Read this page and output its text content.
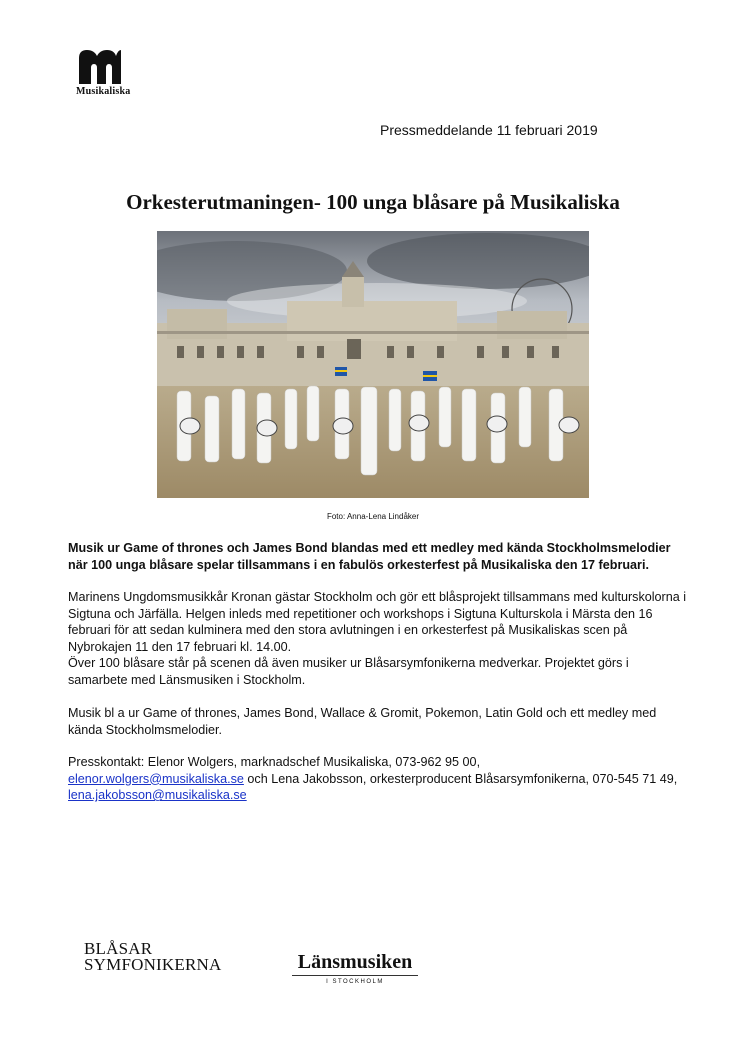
Musikaliska
Pressmeddelande 11 februari 2019
Orkesterutmaningen- 100 unga blåsare på Musikaliska
Foto: Anna-Lena Lindåker
Musik ur Game of thrones och James Bond blandas med ett medley med kända Stockholmsmelodier när 100 unga blåsare spelar tillsammans i en fabulös orkesterfest på Musikaliska den 17 februari.
Marinens Ungdomsmusikkår Kronan gästar Stockholm och gör ett blåsprojekt tillsammans med kulturskolorna i Sigtuna och Järfälla. Helgen inleds med repetitioner och workshops i Sigtuna Kulturskola i Märsta den 16 februari för att sedan kulminera med den stora avlutningen i en orkesterfest på Musikaliskas scen på Nybrokajen 11 den 17 februari kl. 14.00.
Över 100 blåsare står på scenen då även musiker ur Blåsarsymfonikerna medverkar. Projektet görs i samarbete med Länsmusiken i Stockholm.
Musik bl a ur Game of thrones, James Bond, Wallace & Gromit, Pokemon, Latin Gold och ett medley med kända Stockholmsmelodier.
Presskontakt: Elenor Wolgers, marknadschef Musikaliska, 073-962 95 00,
elenor.wolgers@musikaliska.se och Lena Jakobsson, orkesterproducent Blåsarsymfonikerna, 070-545 71 49, lena.jakobsson@musikaliska.se
BLÅSAR
SYMFONIKERNA	Länsmusiken
I STOCKHOLM
